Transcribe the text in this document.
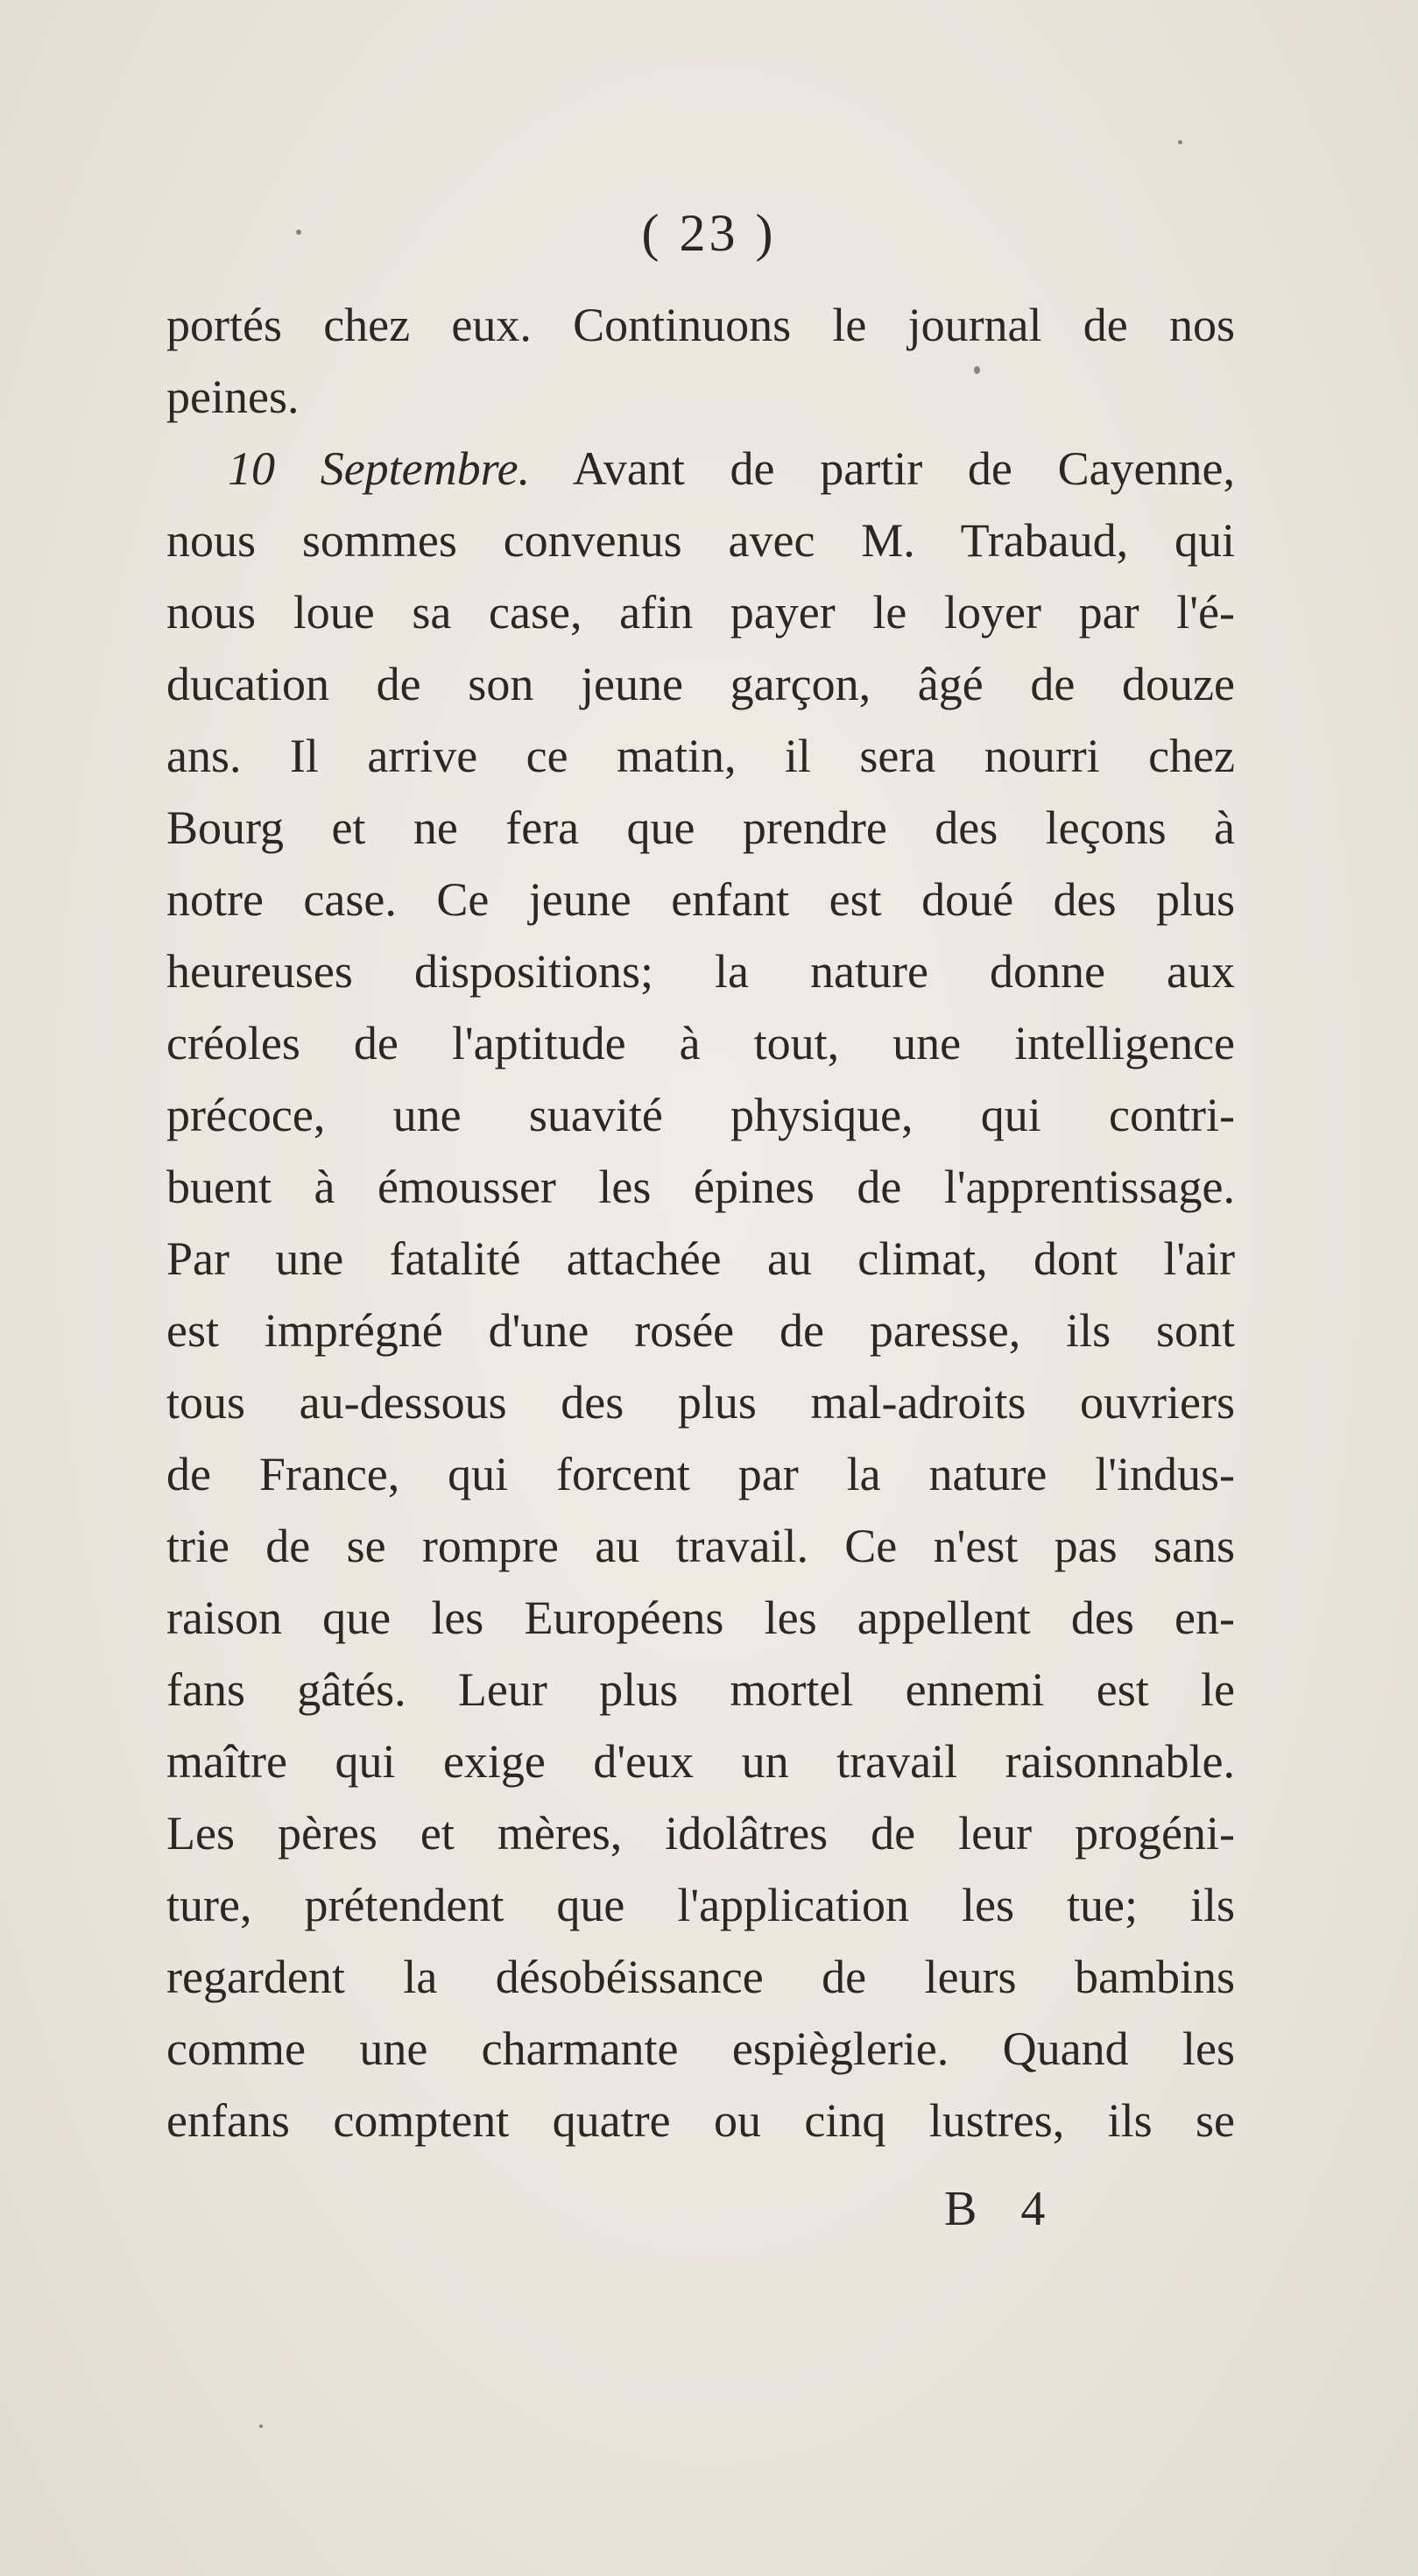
( 23 )
portés chez eux. Continuons le journal de nos
peines.
10 Septembre. Avant de partir de Cayenne,
nous sommes convenus avec M. Trabaud, qui
nous loue sa case, afin payer le loyer par l'é-
ducation de son jeune garçon, âgé de douze
ans. Il arrive ce matin, il sera nourri chez
Bourg et ne fera que prendre des leçons à
notre case. Ce jeune enfant est doué des plus
heureuses dispositions; la nature donne aux
créoles de l'aptitude à tout, une intelligence
précoce, une suavité physique, qui contri-
buent à émousser les épines de l'apprentissage.
Par une fatalité attachée au climat, dont l'air
est imprégné d'une rosée de paresse, ils sont
tous au-dessous des plus mal-adroits ouvriers
de France, qui forcent par la nature l'indus-
trie de se rompre au travail. Ce n'est pas sans
raison que les Européens les appellent des en-
fans gâtés. Leur plus mortel ennemi est le
maître qui exige d'eux un travail raisonnable.
Les pères et mères, idolâtres de leur progéni-
ture, prétendent que l'application les tue; ils
regardent la désobéissance de leurs bambins
comme une charmante espièglerie. Quand les
enfans comptent quatre ou cinq lustres, ils se
B 4
